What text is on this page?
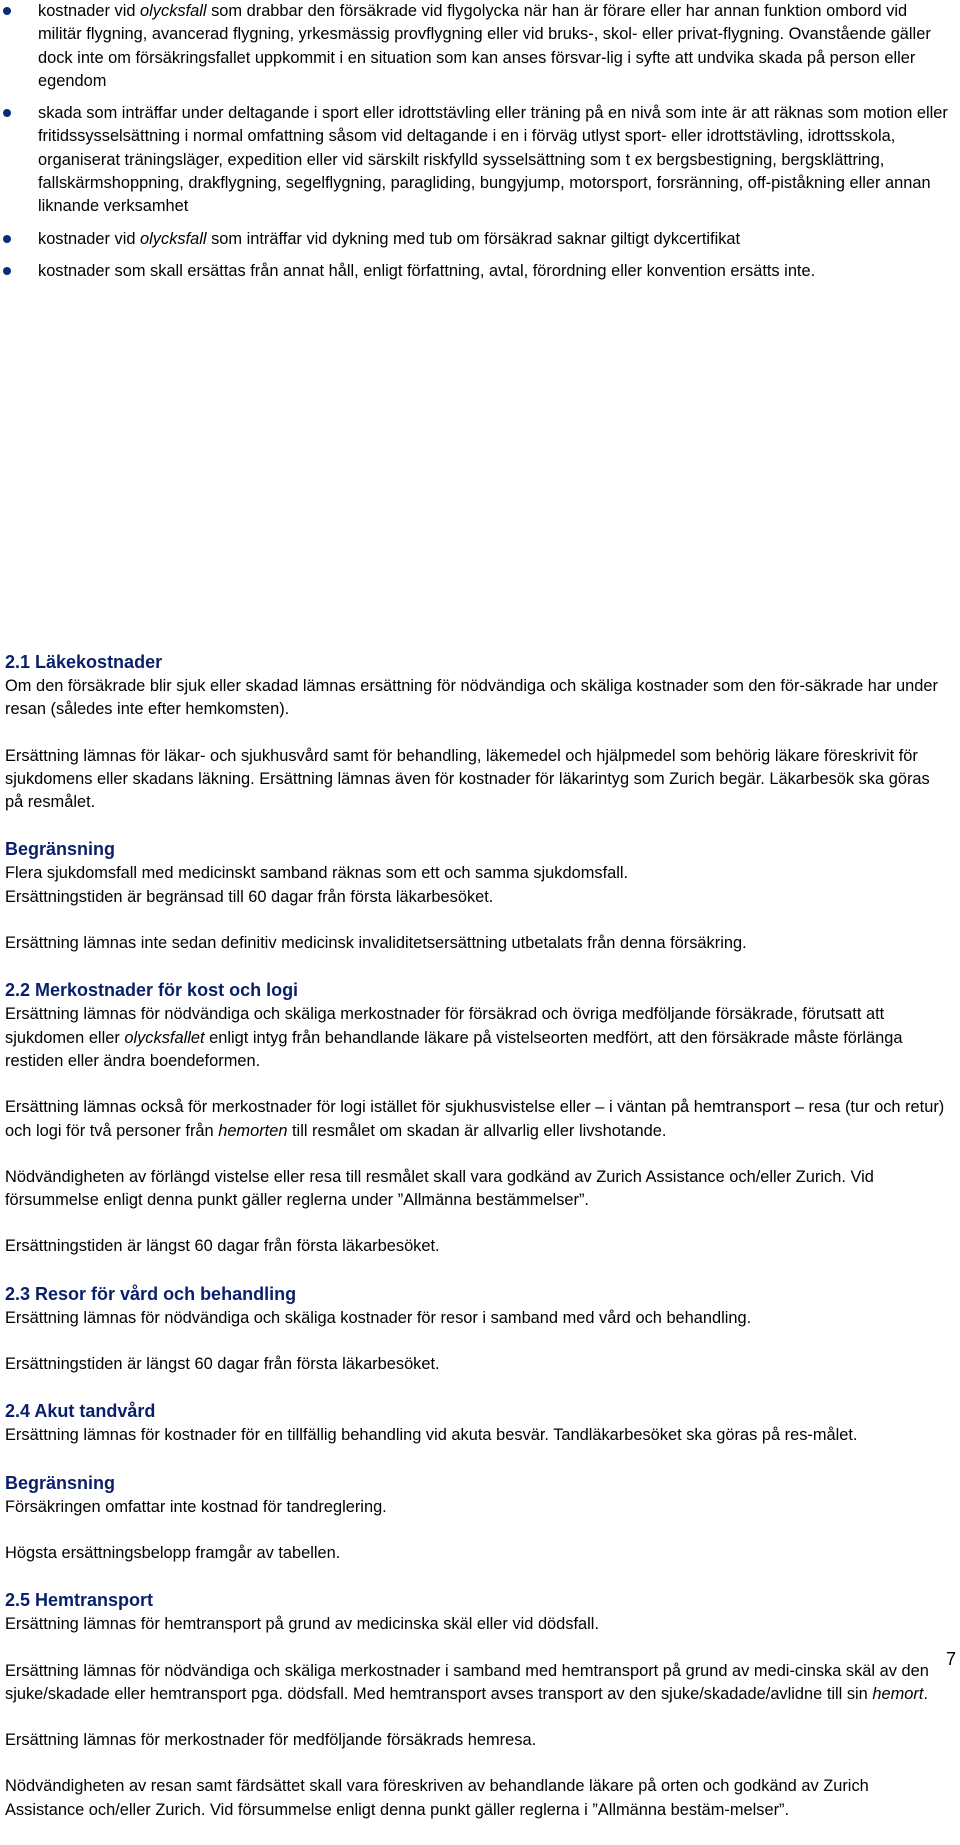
kostnader vid olycksfall som drabbar den försäkrade vid flygolycka när han är förare eller har annan funktion ombord vid militär flygning, avancerad flygning, yrkesmässig provflygning eller vid bruks-, skol- eller privat-flygning. Ovanstående gäller dock inte om försäkringsfallet uppkommit i en situation som kan anses försvar-lig i syfte att undvika skada på person eller egendom
skada som inträffar under deltagande i sport eller idrottstävling eller träning på en nivå som inte är att räknas som motion eller fritidssysselsättning i normal omfattning såsom vid deltagande i en i förväg utlyst sport- eller idrottstävling, idrottsskola, organiserat träningsläger, expedition eller vid särskilt riskfylld sysselsättning som t ex bergsbestigning, bergsklättring, fallskärmshoppning, drakflygning, segelflygning, paragliding, bungyjump, motorsport, forsränning, off-piståkning eller annan liknande verksamhet
kostnader vid olycksfall som inträffar vid dykning med tub om försäkrad saknar giltigt dykcertifikat
kostnader som skall ersättas från annat håll, enligt författning, avtal, förordning eller konvention ersätts inte.
2.1 Läkekostnader

Om den försäkrade blir sjuk eller skadad lämnas ersättning för nödvändiga och skäliga kostnader som den för-säkrade har under resan (således inte efter hemkomsten).

Ersättning lämnas för läkar- och sjukhusvård samt för behandling, läkemedel och hjälpmedel som behörig läkare föreskrivit för sjukdomens eller skadans läkning. Ersättning lämnas även för kostnader för läkarintyg som Zurich begär. Läkarbesök ska göras på resmålet.

Begränsning

Flera sjukdomsfall med medicinskt samband räknas som ett och samma sjukdomsfall.

Ersättningstiden är begränsad till 60 dagar från första läkarbesöket.

Ersättning lämnas inte sedan definitiv medicinsk invaliditetsersättning utbetalats från denna försäkring.

2.2 Merkostnader för kost och logi

Ersättning lämnas för nödvändiga och skäliga merkostnader för försäkrad och övriga medföljande försäkrade, förutsatt att sjukdomen eller olycksfallet enligt intyg från behandlande läkare på vistelseorten medfört, att den försäkrade måste förlänga restiden eller ändra boendeformen.

Ersättning lämnas också för merkostnader för logi istället för sjukhusvistelse eller – i väntan på hemtransport – resa (tur och retur) och logi för två personer från hemorten till resmålet om skadan är allvarlig eller livshotande.

Nödvändigheten av förlängd vistelse eller resa till resmålet skall vara godkänd av Zurich Assistance och/eller Zurich. Vid försummelse enligt denna punkt gäller reglerna under ”Allmänna bestämmelser”.

Ersättningstiden är längst 60 dagar från första läkarbesöket.

2.3 Resor för vård och behandling

Ersättning lämnas för nödvändiga och skäliga kostnader för resor i samband med vård och behandling.

Ersättningstiden är längst 60 dagar från första läkarbesöket.

2.4 Akut tandvård

Ersättning lämnas för kostnader för en tillfällig behandling vid akuta besvär. Tandläkarbesöket ska göras på res-målet.

Begränsning

Försäkringen omfattar inte kostnad för tandreglering.

Högsta ersättningsbelopp framgår av tabellen.

2.5 Hemtransport

Ersättning lämnas för hemtransport på grund av medicinska skäl eller vid dödsfall.

Ersättning lämnas för nödvändiga och skäliga merkostnader i samband med hemtransport på grund av medi-cinska skäl av den sjuke/skadade eller hemtransport pga. dödsfall. Med hemtransport avses transport av den sjuke/skadade/avlidne till sin hemort.

Ersättning lämnas för merkostnader för medföljande försäkrads hemresa.

Nödvändigheten av resan samt färdsättet skall vara föreskriven av behandlande läkare på orten och godkänd av Zurich Assistance och/eller Zurich. Vid försummelse enligt denna punkt gäller reglerna i ”Allmänna bestäm-melser”.

7
